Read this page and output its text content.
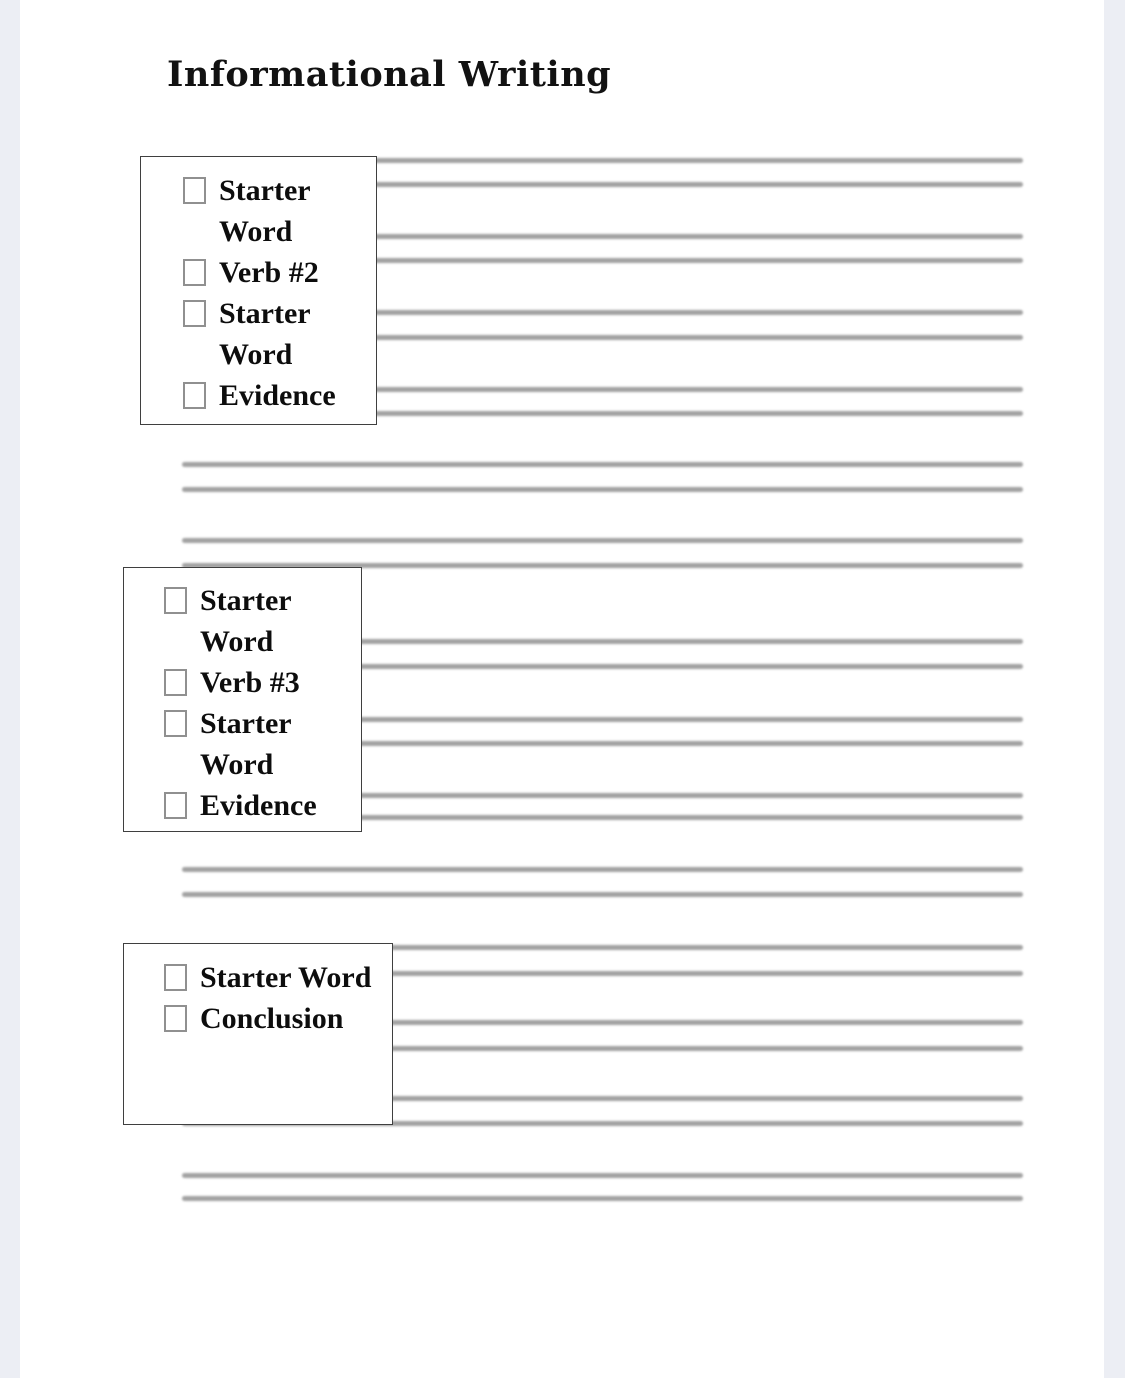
Informational Writing
Starter Word
Verb #2
Starter Word
Evidence
Starter Word
Verb #3
Starter Word
Evidence
Starter Word
Conclusion
